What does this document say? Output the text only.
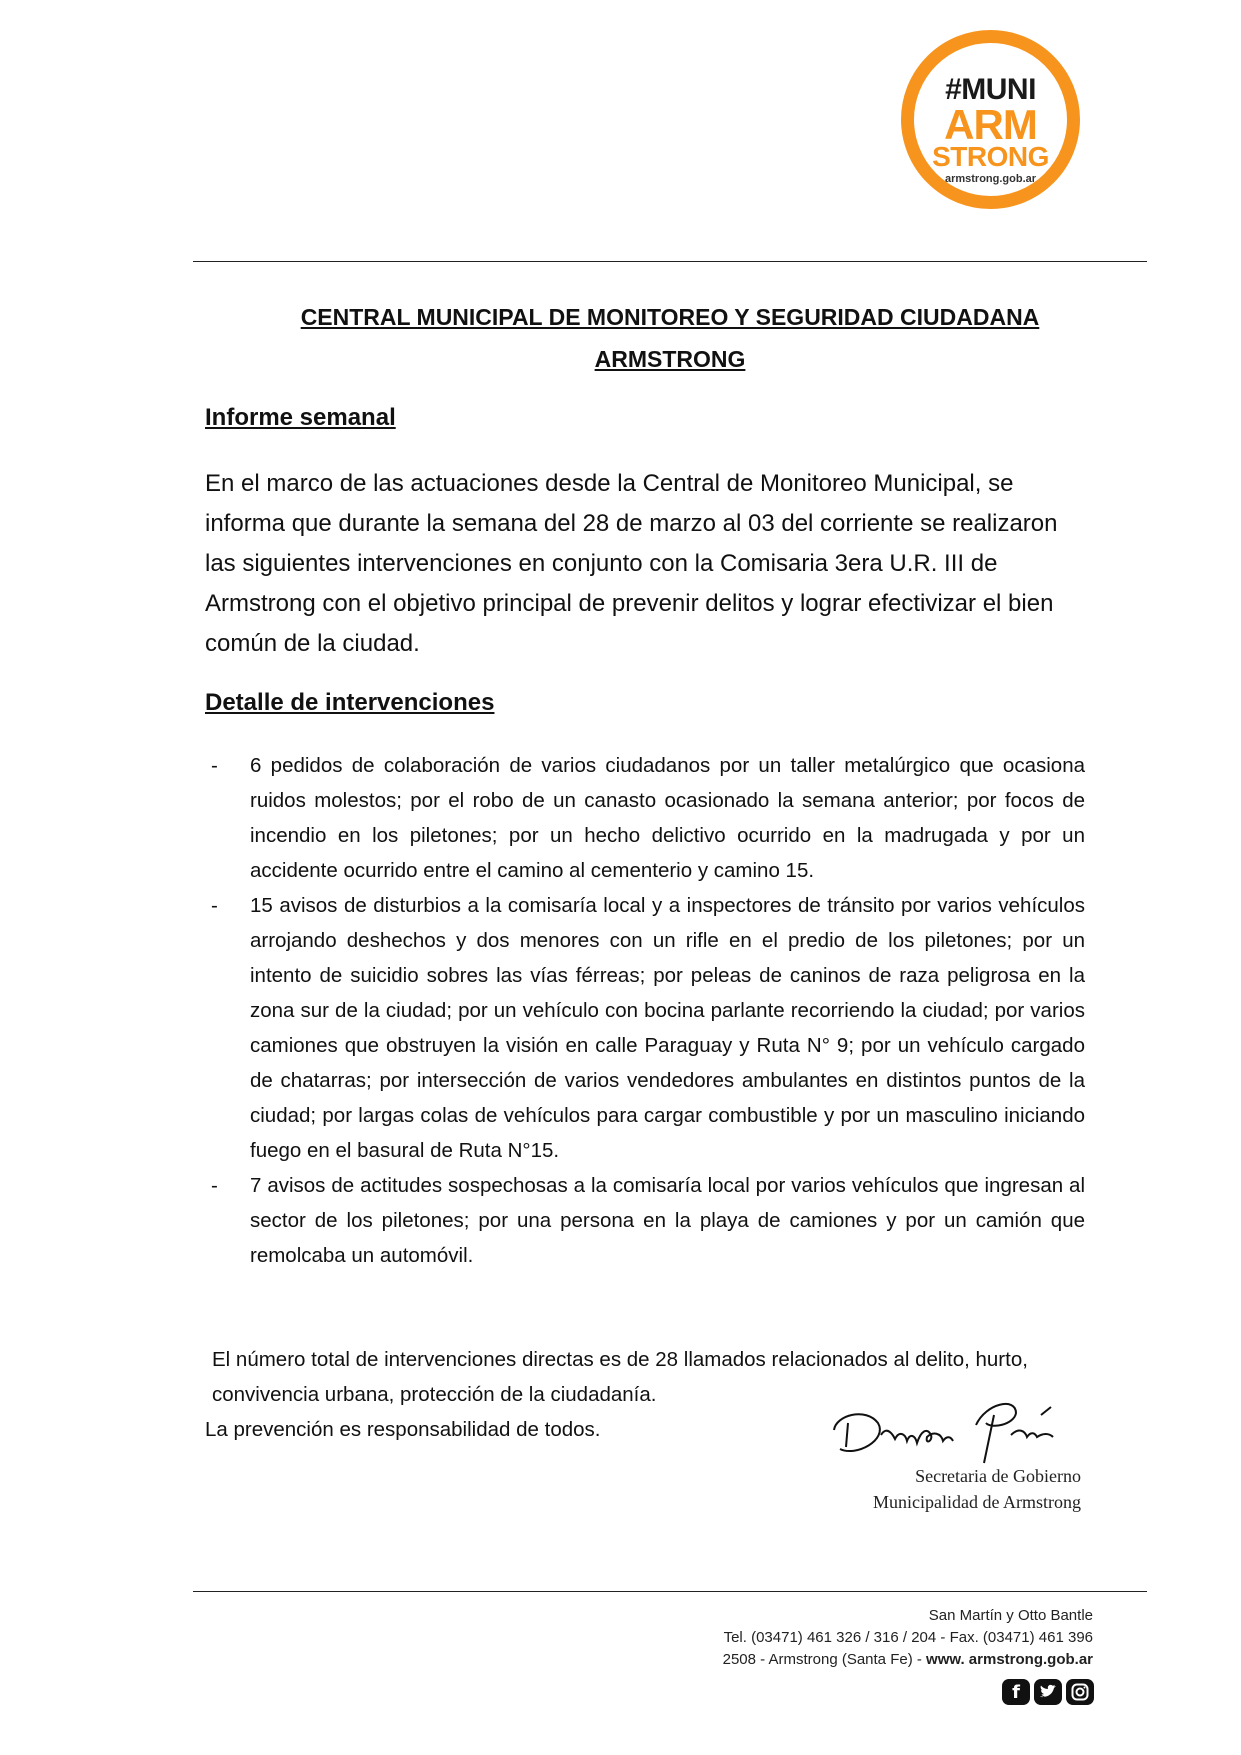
#MUNI
ARM
STRONG
armstrong.gob.ar
CENTRAL MUNICIPAL DE MONITOREO Y SEGURIDAD CIUDADANA
ARMSTRONG
Informe semanal

En el marco de las actuaciones desde la Central de Monitoreo Municipal, se informa que durante la semana del 28 de marzo al 03 del corriente se realizaron las siguientes intervenciones en conjunto con la Comisaria 3era U.R. III de Armstrong con el objetivo principal de prevenir delitos y lograr efectivizar el bien común de la ciudad.

Detalle de intervenciones
- 6 pedidos de colaboración de varios ciudadanos por un taller metalúrgico que ocasiona ruidos molestos; por el robo de un canasto ocasionado la semana anterior; por focos de incendio en los piletones; por un hecho delictivo ocurrido en la madrugada y por un accidente ocurrido entre el camino al cementerio y camino 15.
- 15 avisos de disturbios a la comisaría local y a inspectores de tránsito por varios vehículos arrojando deshechos y dos menores con un rifle en el predio de los piletones; por un intento de suicidio sobres las vías férreas; por peleas de caninos de raza peligrosa en la zona sur de la ciudad; por un vehículo con bocina parlante recorriendo la ciudad; por varios camiones que obstruyen la visión en calle Paraguay y Ruta N° 9; por un vehículo cargado de chatarras; por intersección de varios vendedores ambulantes en distintos puntos de la ciudad; por largas colas de vehículos para cargar combustible y por un masculino iniciando fuego en el basural de Ruta N°15.
- 7 avisos de actitudes sospechosas a la comisaría local por varios vehículos que ingresan al sector de los piletones; por una persona en la playa de camiones y por un camión que remolcaba un automóvil.

El número total de intervenciones directas es de 28 llamados relacionados al delito, hurto, convivencia urbana, protección de la ciudadanía.

La prevención es responsabilidad de todos.
Secretaria de Gobierno
Municipalidad de Armstrong
San Martín y Otto Bantle
Tel. (03471) 461 326 / 316 / 204 - Fax. (03471) 461 396
2508 - Armstrong (Santa Fe) - www. armstrong.gob.ar
f
